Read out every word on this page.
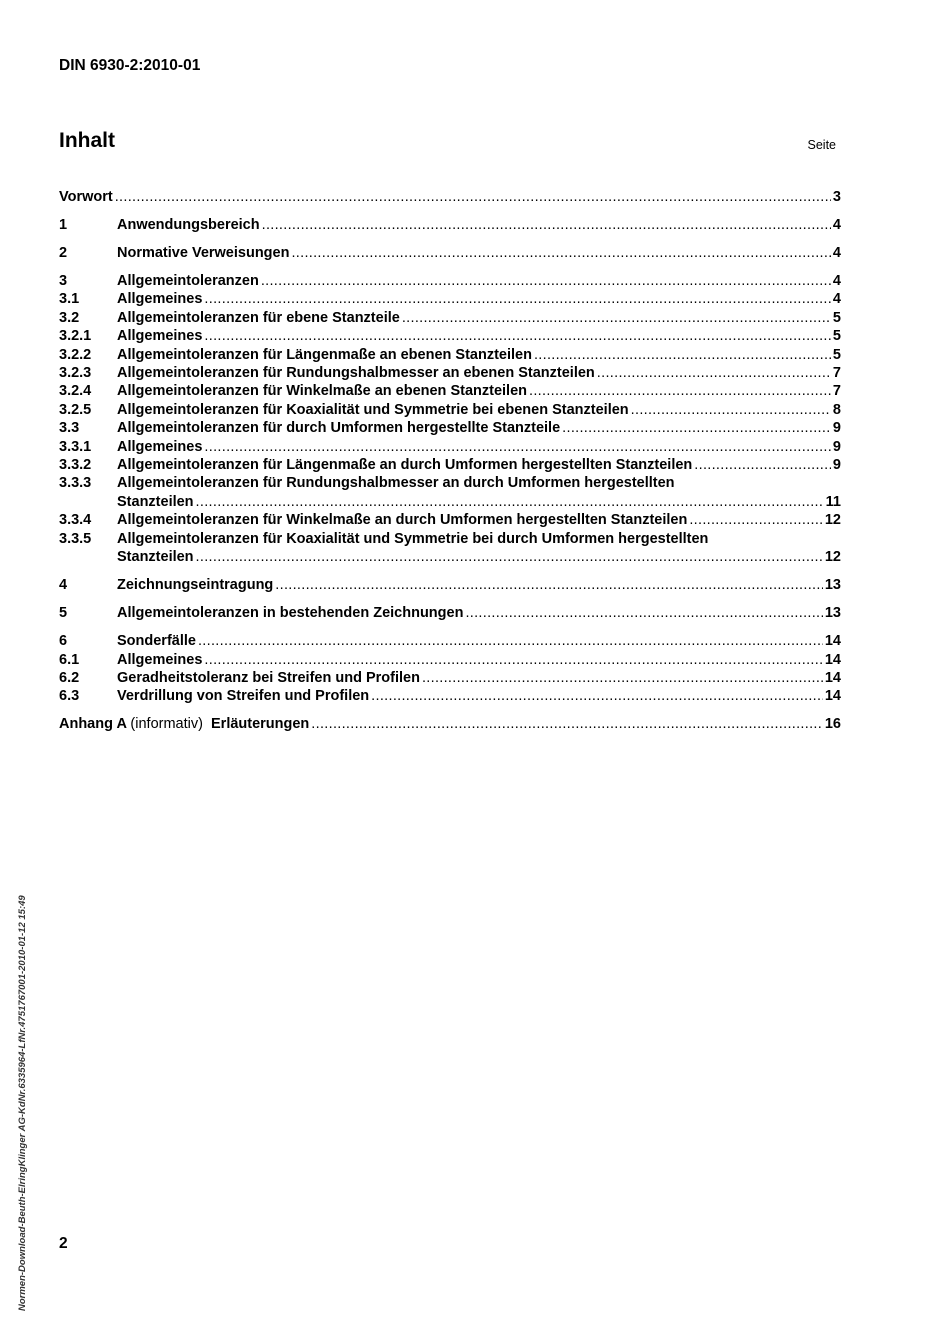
DIN 6930-2:2010-01
Inhalt	Seite
Vorwort .....	3
1	Anwendungsbereich .....	4
2	Normative Verweisungen .....	4
3	Allgemeintoleranzen .....	4
3.1	Allgemeines .....	4
3.2	Allgemeintoleranzen für ebene Stanzteile .....	5
3.2.1	Allgemeines .....	5
3.2.2	Allgemeintoleranzen für Längenmaße an ebenen Stanzteilen .....	5
3.2.3	Allgemeintoleranzen für Rundungshalbmesser an ebenen Stanzteilen .....	7
3.2.4	Allgemeintoleranzen für Winkelmaße an ebenen Stanzteilen .....	7
3.2.5	Allgemeintoleranzen für Koaxialität und Symmetrie bei ebenen Stanzteilen .....	8
3.3	Allgemeintoleranzen für durch Umformen hergestellte Stanzteile .....	9
3.3.1	Allgemeines .....	9
3.3.2	Allgemeintoleranzen für Längenmaße an durch Umformen hergestellten Stanzteilen .....	9
3.3.3	Allgemeintoleranzen für Rundungshalbmesser an durch Umformen hergestellten
Stanzteilen .....	11
3.3.4	Allgemeintoleranzen für Winkelmaße an durch Umformen hergestellten Stanzteilen .....	12
3.3.5	Allgemeintoleranzen für Koaxialität und Symmetrie bei durch Umformen hergestellten
Stanzteilen .....	12
4	Zeichnungseintragung .....	13
5	Allgemeintoleranzen in bestehenden Zeichnungen .....	13
6	Sonderfälle .....	14
6.1	Allgemeines .....	14
6.2	Geradheitstoleranz bei Streifen und Profilen .....	14
6.3	Verdrillung von Streifen und Profilen .....	14
Anhang A (informativ) Erläuterungen .....	16
2
Normen-Download-Beuth-ElringKlinger AG-KdNr.6335964-LfNr.4751767001-2010-01-12 15:49
